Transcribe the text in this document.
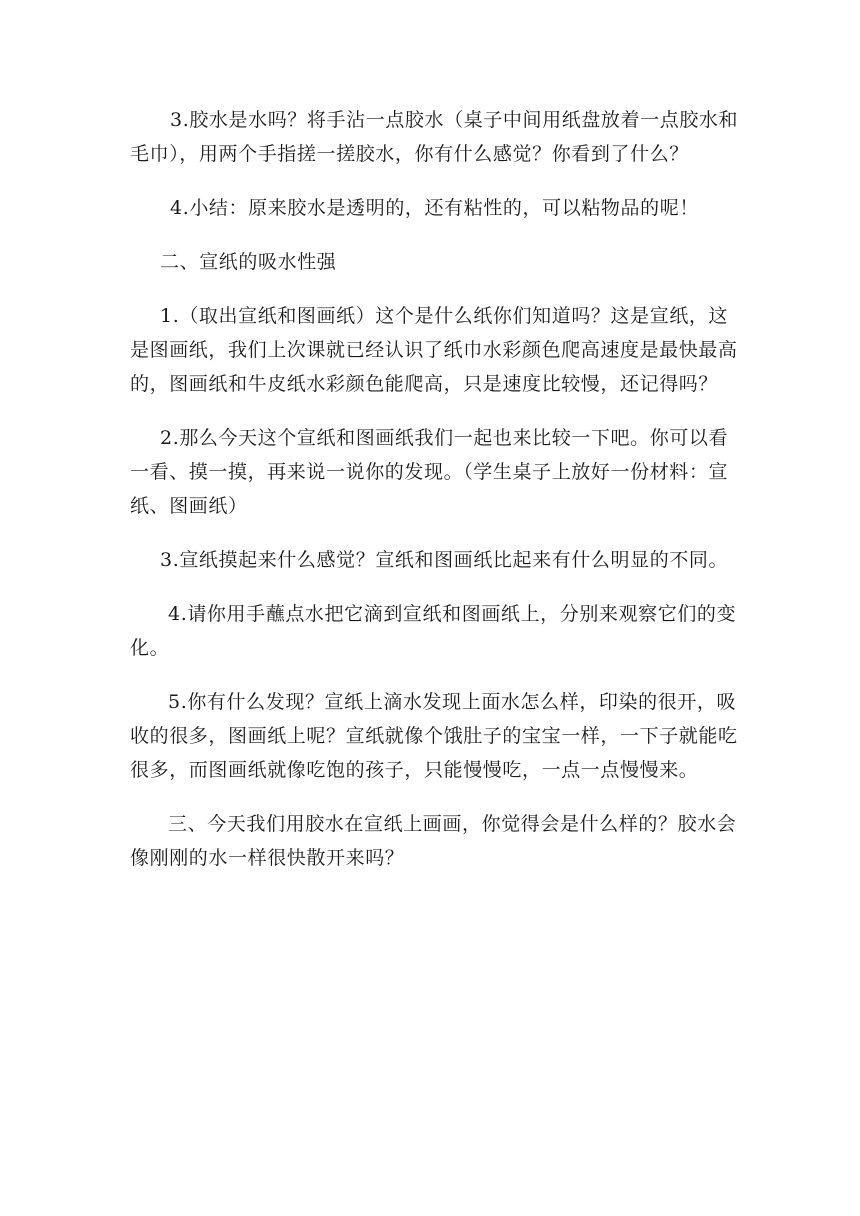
3.胶水是水吗？将手沾一点胶水（桌子中间用纸盘放着一点胶水和毛巾），用两个手指搓一搓胶水，你有什么感觉？你看到了什么？

4.小结：原来胶水是透明的，还有粘性的，可以粘物品的呢！

二、宣纸的吸水性强

1.（取出宣纸和图画纸）这个是什么纸你们知道吗？这是宣纸，这是图画纸，我们上次课就已经认识了纸巾水彩颜色爬高速度是最快最高的，图画纸和牛皮纸水彩颜色能爬高，只是速度比较慢，还记得吗？

2.那么今天这个宣纸和图画纸我们一起也来比较一下吧。你可以看一看、摸一摸，再来说一说你的发现。（学生桌子上放好一份材料：宣纸、图画纸）

3.宣纸摸起来什么感觉？宣纸和图画纸比起来有什么明显的不同。

4.请你用手蘸点水把它滴到宣纸和图画纸上，分别来观察它们的变化。

5.你有什么发现？宣纸上滴水发现上面水怎么样，印染的很开，吸收的很多，图画纸上呢？宣纸就像个饿肚子的宝宝一样，一下子就能吃很多，而图画纸就像吃饱的孩子，只能慢慢吃，一点一点慢慢来。

三、今天我们用胶水在宣纸上画画，你觉得会是什么样的？胶水会像刚刚的水一样很快散开来吗？
